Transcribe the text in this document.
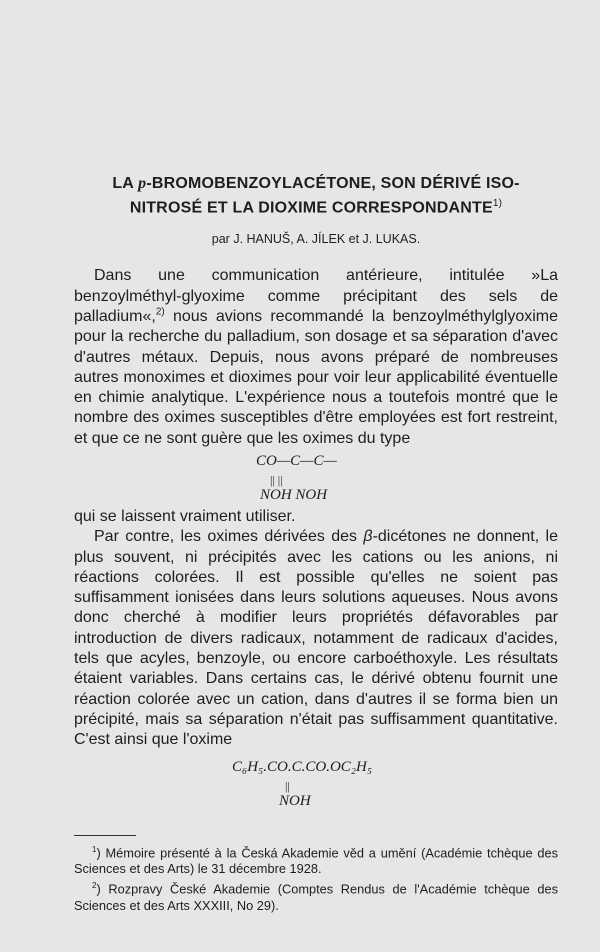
LA p-BROMOBENZOYLACÉTONE, SON DÉRIVÉ ISO-
NITROSÉ ET LA DIOXIME CORRESPONDANTE$^{1)}$

par J. HANUŠ, A. JÍLEK et J. LUKAS.

Dans une communication antérieure, intitulée »La benzoylméthyl-glyoxime comme précipitant des sels de palladium«,$^{2)}$ nous avions recommandé la benzoylméthylglyoxime pour la recherche du palladium, son dosage et sa séparation d'avec d'autres métaux. Depuis, nous avons préparé de nombreuses autres monoximes et dioximes pour voir leur applicabilité éventuelle en chimie analytique. L'expérience nous a toutefois montré que le nombre des oximes susceptibles d'être employées est fort restreint, et que ce ne sont guère que les oximes du type

CO—C—C—
|| ||
NOH NOH

qui se laissent vraiment utiliser.

Par contre, les oximes dérivées des β-dicétones ne donnent, le plus souvent, ni précipités avec les cations ou les anions, ni réactions colorées. Il est possible qu'elles ne soient pas suffisamment ionisées dans leurs solutions aqueuses. Nous avons donc cherché à modifier leurs propriétés défavorables par introduction de divers radicaux, notamment de radicaux d'acides, tels que acyles, benzoyle, ou encore carboéthoxyle. Les résultats étaient variables. Dans certains cas, le dérivé obtenu fournit une réaction colorée avec un cation, dans d'autres il se forma bien un précipité, mais sa séparation n'était pas suffisamment quantitative. C'est ainsi que l'oxime

C₆H₅.CO.C.CO.OC₂H₅
||
NOH

$^1$) Mémoire présenté à la Česká Akademie věd a umění (Académie tchèque des Sciences et des Arts) le 31 décembre 1928.

$^2$) Rozpravy České Akademie (Comptes Rendus de l'Académie tchèque des Sciences et des Arts XXXIII, No 29).
